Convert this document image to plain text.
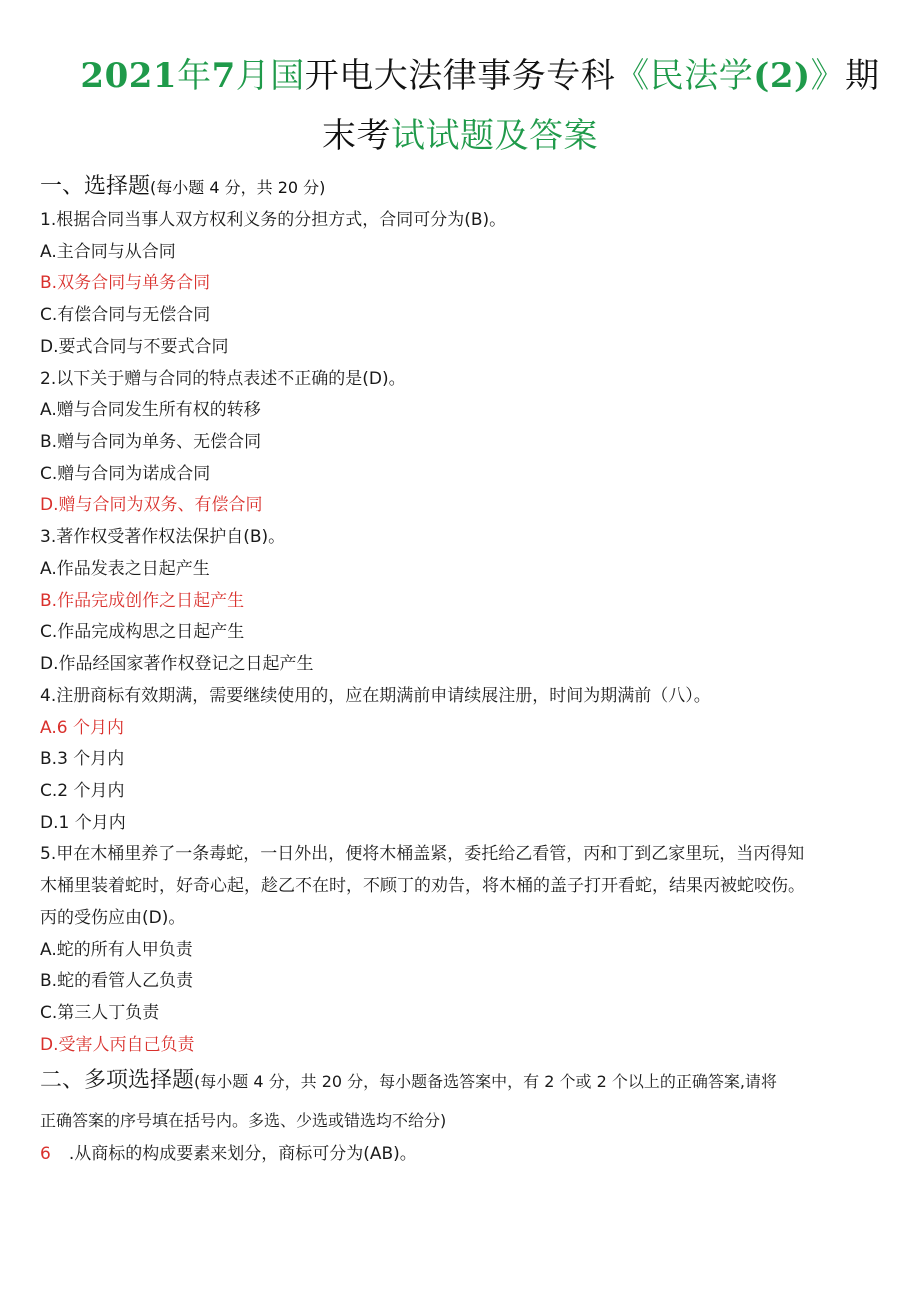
2021年7月国开电大法律事务专科《民法学(2)》期
末考试试题及答案
一、选择题(每小题 4 分，共 20 分)
1.根据合同当事人双方权利义务的分担方式，合同可分为(B)。
A.主合同与从合同
B.双务合同与单务合同
C.有偿合同与无偿合同
D.要式合同与不要式合同
2.以下关于赠与合同的特点表述不正确的是(D)。
A.赠与合同发生所有权的转移
B.赠与合同为单务、无偿合同
C.赠与合同为诺成合同
D.赠与合同为双务、有偿合同
3.著作权受著作权法保护自(B)。
A.作品发表之日起产生
B.作品完成创作之日起产生
C.作品完成构思之日起产生
D.作品经国家著作权登记之日起产生
4.注册商标有效期满，需要继续使用的，应在期满前申请续展注册，时间为期满前（八）。
A.6 个月内
B.3 个月内
C.2 个月内
D.1 个月内
5.甲在木桶里养了一条毒蛇，一日外出，便将木桶盖紧，委托给乙看管，丙和丁到乙家里玩，当丙得知
木桶里装着蛇时，好奇心起，趁乙不在时，不顾丁的劝告，将木桶的盖子打开看蛇，结果丙被蛇咬伤。
丙的受伤应由(D)。
A.蛇的所有人甲负责
B.蛇的看管人乙负责
C.第三人丁负责
D.受害人丙自己负责
二、多项选择题(每小题 4 分，共 20 分，每小题备选答案中，有 2 个或 2 个以上的正确答案,请将
正确答案的序号填在括号内。多选、少选或错选均不给分)
6 .从商标的构成要素来划分，商标可分为(AB)。
